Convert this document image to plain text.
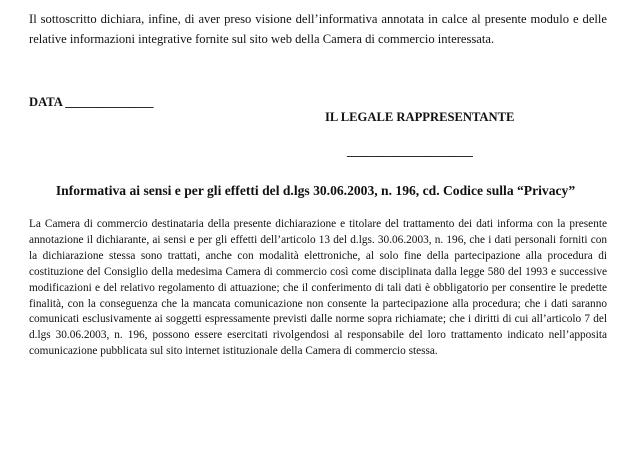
Il sottoscritto dichiara, infine, di aver preso visione dell’informativa annotata in calce al presente modulo e delle relative informazioni integrative fornite sul sito web della Camera di commercio interessata.

DATA ______________

IL LEGALE RAPPRESENTANTE

____________________

Informativa ai sensi e per gli effetti del d.lgs 30.06.2003, n. 196, cd. Codice sulla “Privacy”

La Camera di commercio destinataria della presente dichiarazione e titolare del trattamento dei dati informa con la presente annotazione il dichiarante, ai sensi e per gli effetti dell’articolo 13 del d.lgs. 30.06.2003, n. 196, che i dati personali forniti con la dichiarazione stessa sono trattati, anche con modalità elettroniche, al solo fine della partecipazione alla procedura di costituzione del Consiglio della medesima Camera di commercio così come disciplinata dalla legge 580 del 1993 e successive modificazioni e del relativo regolamento di attuazione; che il conferimento di tali dati è obbligatorio per consentire le predette finalità, con la conseguenza che la mancata comunicazione non consente la partecipazione alla procedura; che i dati saranno comunicati esclusivamente ai soggetti espressamente previsti dalle norme sopra richiamate; che i diritti di cui all’articolo 7 del d.lgs 30.06.2003, n. 196, possono essere esercitati rivolgendosi al responsabile del loro trattamento indicato nell’apposita comunicazione pubblicata sul sito internet istituzionale della Camera di commercio stessa.
